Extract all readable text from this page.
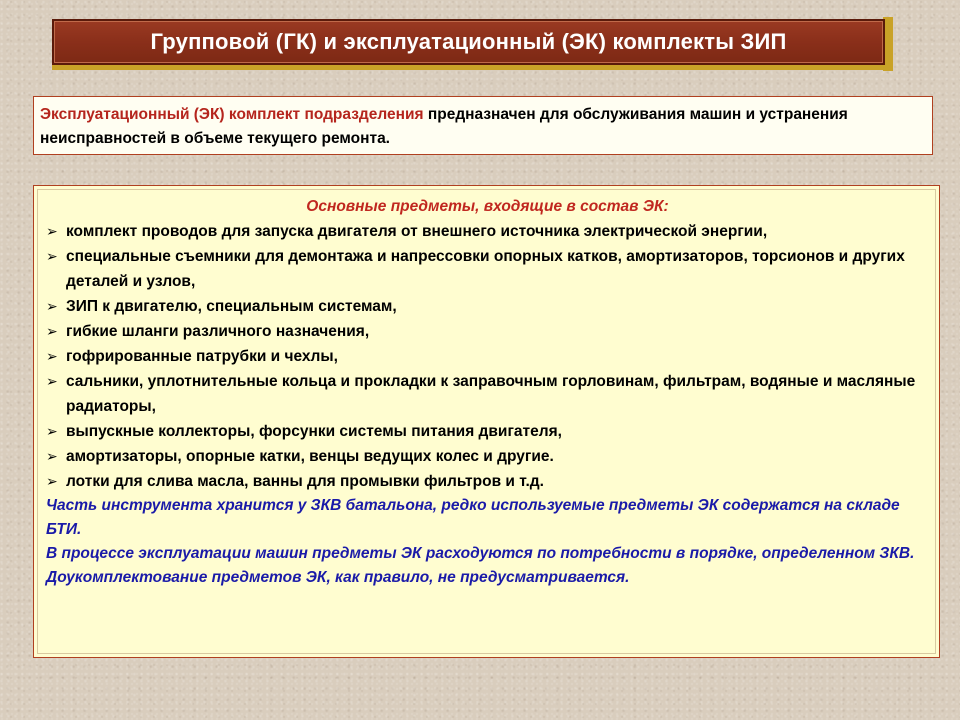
Групповой (ГК) и эксплуатационный (ЭК) комплекты ЗИП
Эксплуатационный (ЭК) комплект подразделения предназначен для обслуживания машин и устранения неисправностей в объеме текущего ремонта.
Основные предметы, входящие в состав ЭК:
➢ комплект проводов для запуска двигателя от внешнего источника электрической энергии,
➢ специальные съемники для демонтажа и напрессовки опорных катков, амортизаторов, торсионов и других деталей и узлов,
➢ ЗИП к двигателю, специальным системам,
➢ гибкие шланги различного назначения,
➢ гофрированные патрубки и чехлы,
➢ сальники, уплотнительные кольца и прокладки к заправочным горловинам, фильтрам, водяные и масляные радиаторы,
➢ выпускные коллекторы, форсунки системы питания двигателя,
➢ амортизаторы, опорные катки, венцы ведущих колес и другие.
➢ лотки для слива масла, ванны для промывки фильтров и т.д.
Часть инструмента хранится у ЗКВ батальона, редко используемые предметы ЭК содержатся на складе БТИ.
В процессе эксплуатации машин предметы ЭК расходуются по потребности в порядке, определенном ЗКВ.
Доукомплектование предметов ЭК, как правило, не предусматривается.
